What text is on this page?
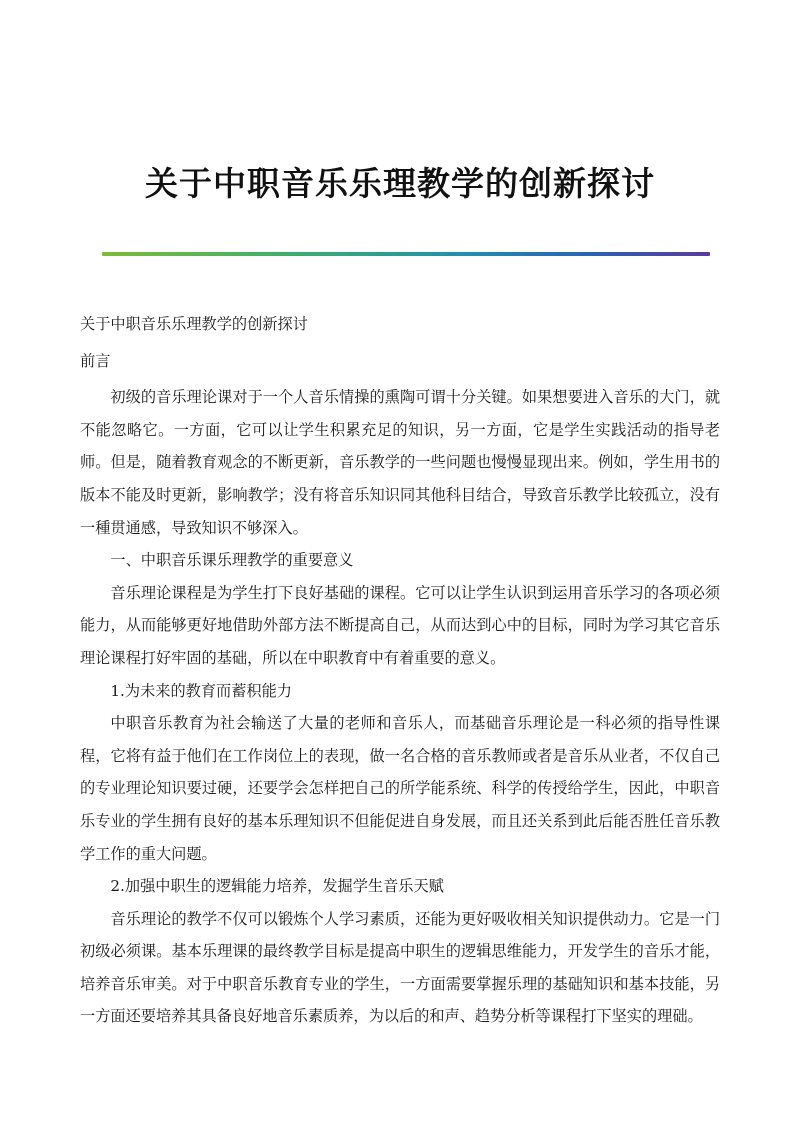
关于中职音乐乐理教学的创新探讨

关于中职音乐乐理教学的创新探讨

前言

初级的音乐理论课对于一个人音乐情操的熏陶可谓十分关键。如果想要进入音乐的大门，就不能忽略它。一方面，它可以让学生积累充足的知识，另一方面，它是学生实践活动的指导老师。但是，随着教育观念的不断更新，音乐教学的一些问题也慢慢显现出来。例如，学生用书的版本不能及时更新，影响教学；没有将音乐知识同其他科目结合，导致音乐教学比较孤立，没有一種贯通感，导致知识不够深入。

一、中职音乐课乐理教学的重要意义

音乐理论课程是为学生打下良好基础的课程。它可以让学生认识到运用音乐学习的各项必须能力，从而能够更好地借助外部方法不断提高自己，从而达到心中的目标，同时为学习其它音乐理论课程打好牢固的基础，所以在中职教育中有着重要的意义。

1.为未来的教育而蓄积能力

中职音乐教育为社会输送了大量的老师和音乐人，而基础音乐理论是一科必须的指导性课程，它将有益于他们在工作岗位上的表现，做一名合格的音乐教师或者是音乐从业者，不仅自己的专业理论知识要过硬，还要学会怎样把自己的所学能系统、科学的传授给学生，因此，中职音乐专业的学生拥有良好的基本乐理知识不但能促进自身发展，而且还关系到此后能否胜任音乐教学工作的重大问题。

2.加强中职生的逻辑能力培养，发掘学生音乐天赋

音乐理论的教学不仅可以锻炼个人学习素质，还能为更好吸收相关知识提供动力。它是一门初级必须课。基本乐理课的最终教学目标是提高中职生的逻辑思维能力，开发学生的音乐才能，培养音乐审美。对于中职音乐教育专业的学生，一方面需要掌握乐理的基础知识和基本技能，另一方面还要培养其具备良好地音乐素质养，为以后的和声、趋势分析等课程打下坚实的理础。
